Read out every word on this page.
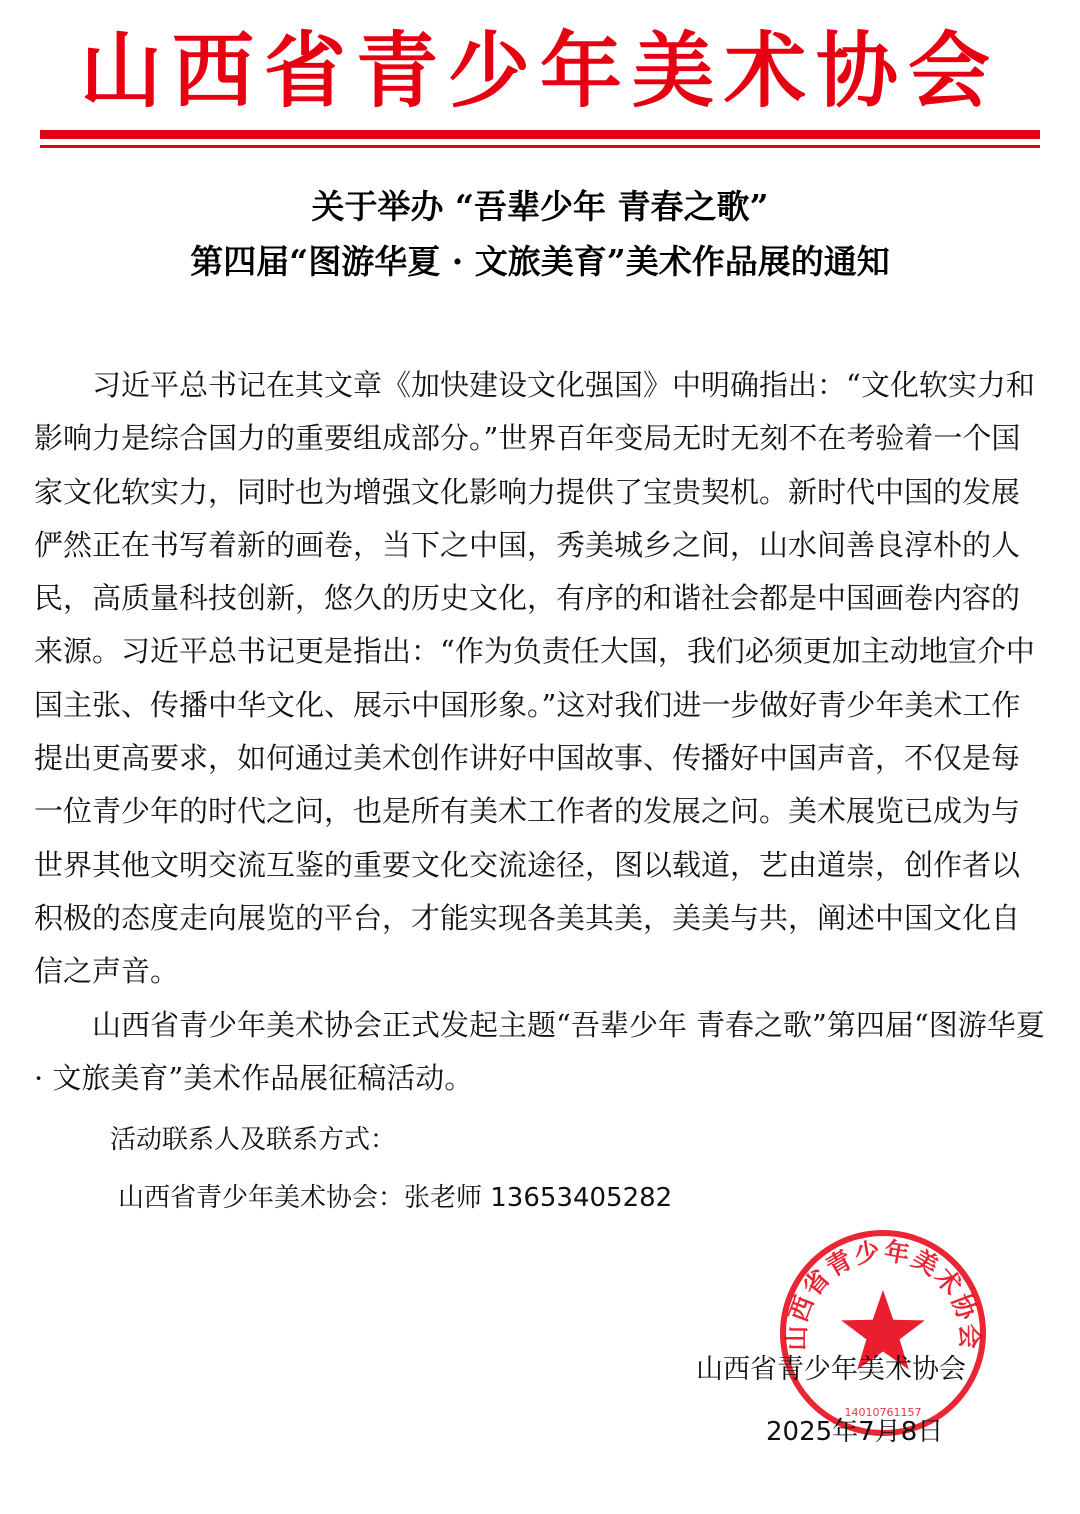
山西省青少年美术协会
关于举办 “吾辈少年 青春之歌”
第四届“图游华夏 · 文旅美育”美术作品展的通知

习近平总书记在其文章《加快建设文化强国》中明确指出：“文化软实力和影响力是综合国力的重要组成部分。”世界百年变局无时无刻不在考验着一个国家文化软实力，同时也为增强文化影响力提供了宝贵契机。新时代中国的发展俨然正在书写着新的画卷，当下之中国，秀美城乡之间，山水间善良淳朴的人民，高质量科技创新，悠久的历史文化，有序的和谐社会都是中国画卷内容的来源。习近平总书记更是指出：“作为负责任大国，我们必须更加主动地宣介中国主张、传播中华文化、展示中国形象。”这对我们进一步做好青少年美术工作提出更高要求，如何通过美术创作讲好中国故事、传播好中国声音，不仅是每一位青少年的时代之问，也是所有美术工作者的发展之问。美术展览已成为与世界其他文明交流互鉴的重要文化交流途径，图以载道，艺由道崇，创作者以积极的态度走向展览的平台，才能实现各美其美，美美与共，阐述中国文化自信之声音。

山西省青少年美术协会正式发起主题“吾辈少年 青春之歌”第四届“图游华夏 · 文旅美育”美术作品展征稿活动。

活动联系人及联系方式：
山西省青少年美术协会：张老师 13653405282
山西省青少年美术协会
14010761157
山西省青少年美术协会
2025年7月8日
